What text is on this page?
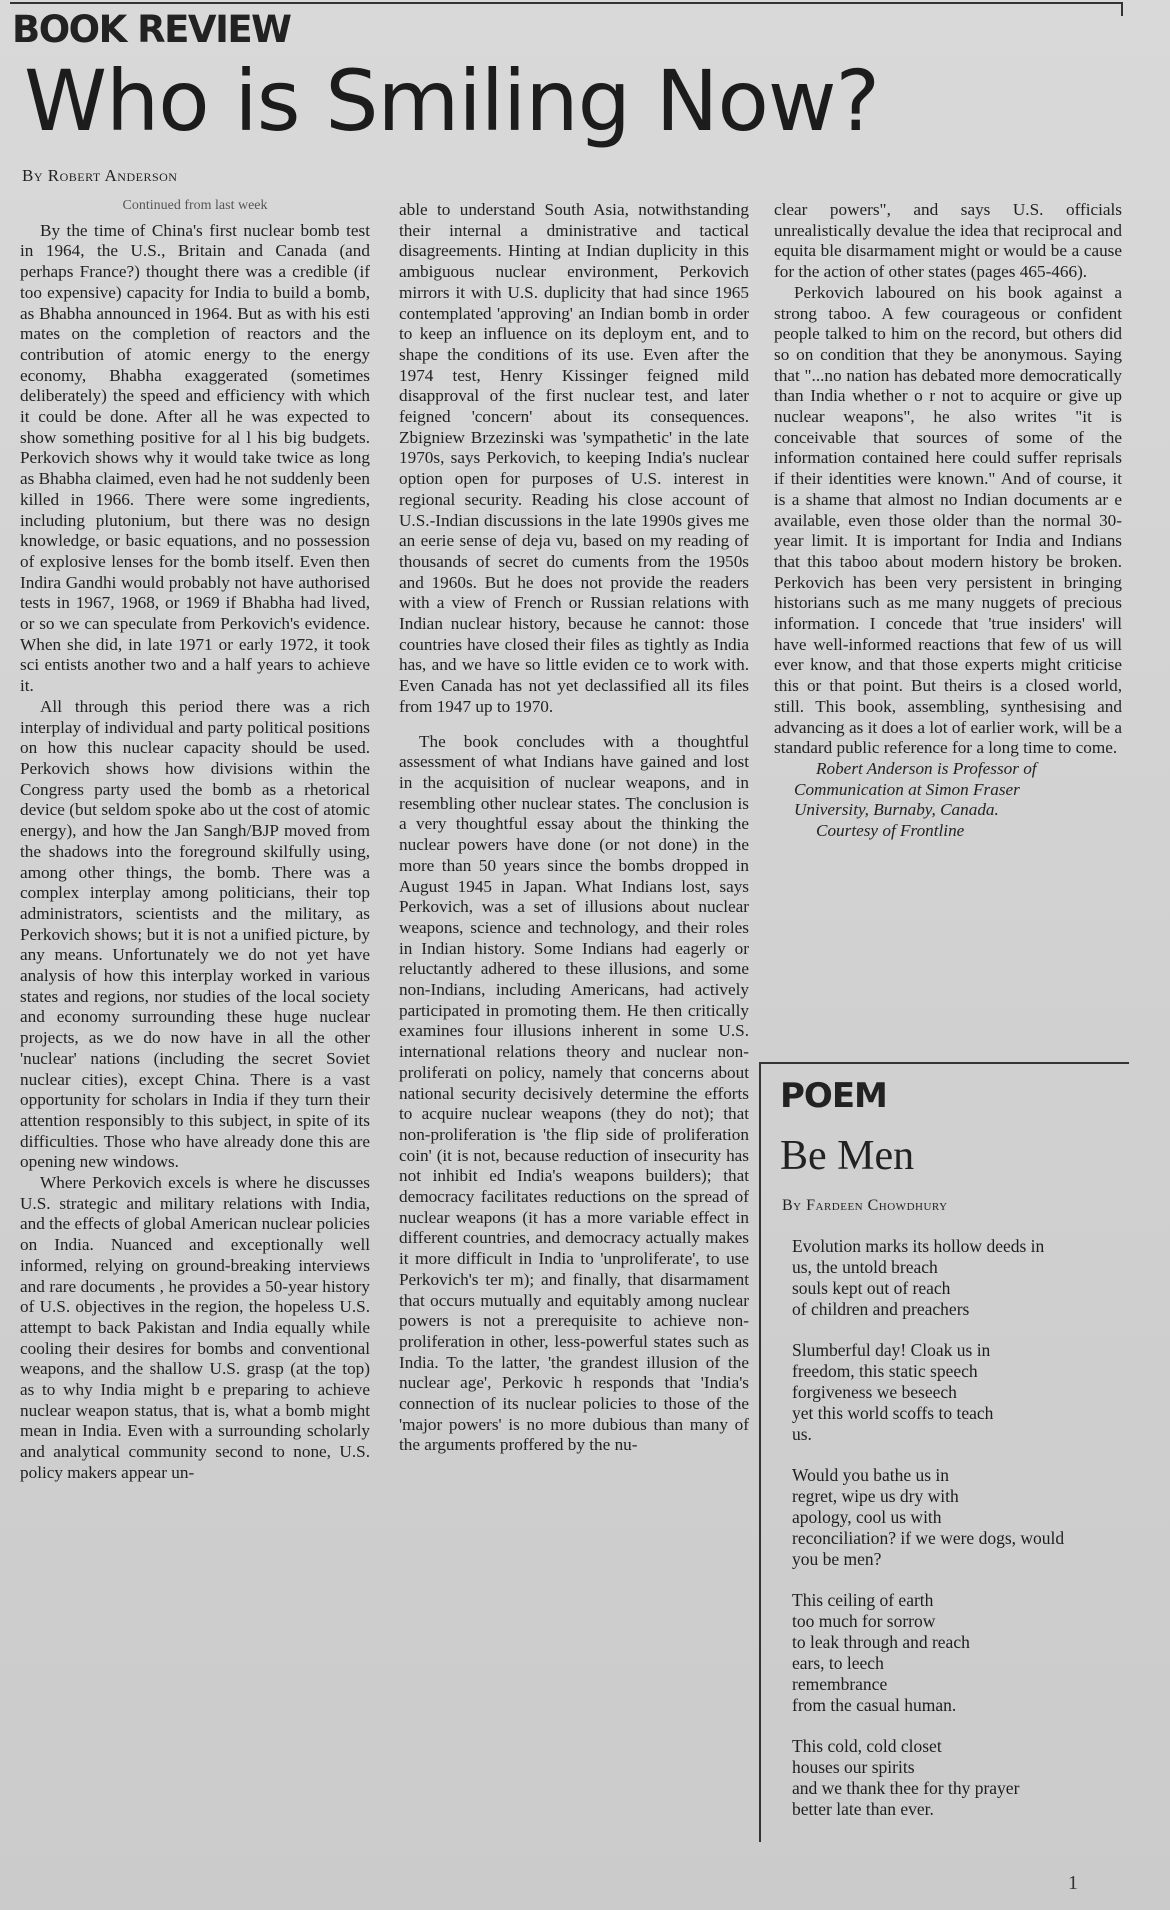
BOOK REVIEW
Who is Smiling Now?
By Robert Anderson
Continued from last week

By the time of China's first nuclear bomb test in 1964, the U.S., Britain and Canada (and perhaps France?) thought there was a credible (if too expensive) capacity for India to build a bomb, as Bhabha announced in 1964. But as with his esti mates on the completion of reactors and the contribution of atomic energy to the energy economy, Bhabha exaggerated (sometimes deliberately) the speed and efficiency with which it could be done. After all he was expected to show something positive for al l his big budgets. Perkovich shows why it would take twice as long as Bhabha claimed, even had he not suddenly been killed in 1966. There were some ingredients, including plutonium, but there was no design knowledge, or basic equations, and no possession of explosive lenses for the bomb itself. Even then Indira Gandhi would probably not have authorised tests in 1967, 1968, or 1969 if Bhabha had lived, or so we can speculate from Perkovich's evidence. When she did, in late 1971 or early 1972, it took sci entists another two and a half years to achieve it.

All through this period there was a rich interplay of individual and party political positions on how this nuclear capacity should be used. Perkovich shows how divisions within the Congress party used the bomb as a rhetorical device (but seldom spoke abo ut the cost of atomic energy), and how the Jan Sangh/BJP moved from the shadows into the foreground skilfully using, among other things, the bomb. There was a complex interplay among politicians, their top administrators, scientists and the military, as Perkovich shows; but it is not a unified picture, by any means. Unfortunately we do not yet have analysis of how this interplay worked in various states and regions, nor studies of the local society and economy surrounding these huge nuclear projects, as we do now have in all the other 'nuclear' nations (including the secret Soviet nuclear cities), except China. There is a vast opportunity for scholars in India if they turn their attention responsibly to this subject, in spite of its difficulties. Those who have already done this are opening new windows.

Where Perkovich excels is where he discusses U.S. strategic and military relations with India, and the effects of global American nuclear policies on India. Nuanced and exceptionally well informed, relying on ground-breaking interviews and rare documents , he provides a 50-year history of U.S. objectives in the region, the hopeless U.S. attempt to back Pakistan and India equally while cooling their desires for bombs and conventional weapons, and the shallow U.S. grasp (at the top) as to why India might b e preparing to achieve nuclear weapon status, that is, what a bomb might mean in India. Even with a surrounding scholarly and analytical community second to none, U.S. policy makers appear un-

able to understand South Asia, notwithstanding their internal a dministrative and tactical disagreements. Hinting at Indian duplicity in this ambiguous nuclear environment, Perkovich mirrors it with U.S. duplicity that had since 1965 contemplated 'approving' an Indian bomb in order to keep an influence on its deploym ent, and to shape the conditions of its use. Even after the 1974 test, Henry Kissinger feigned mild disapproval of the first nuclear test, and later feigned 'concern' about its consequences. Zbigniew Brzezinski was 'sympathetic' in the late 1970s, says Perkovich, to keeping India's nuclear option open for purposes of U.S. interest in regional security. Reading his close account of U.S.-Indian discussions in the late 1990s gives me an eerie sense of deja vu, based on my reading of thousands of secret do cuments from the 1950s and 1960s. But he does not provide the readers with a view of French or Russian relations with Indian nuclear history, because he cannot: those countries have closed their files as tightly as India has, and we have so little eviden ce to work with. Even Canada has not yet declassified all its files from 1947 up to 1970.

The book concludes with a thoughtful assessment of what Indians have gained and lost in the acquisition of nuclear weapons, and in resembling other nuclear states. The conclusion is a very thoughtful essay about the thinking the nuclear powers have done (or not done) in the more than 50 years since the bombs dropped in August 1945 in Japan. What Indians lost, says Perkovich, was a set of illusions about nuclear weapons, science and technology, and their roles in Indian history. Some Indians had eagerly or reluctantly adhered to these illusions, and some non-Indians, including Americans, had actively participated in promoting them. He then critically examines four illusions inherent in some U.S. international relations theory and nuclear non-proliferati on policy, namely that concerns about national security decisively determine the efforts to acquire nuclear weapons (they do not); that non-proliferation is 'the flip side of proliferation coin' (it is not, because reduction of insecurity has not inhibit ed India's weapons builders); that democracy facilitates reductions on the spread of nuclear weapons (it has a more variable effect in different countries, and democracy actually makes it more difficult in India to 'unproliferate', to use Perkovich's ter m); and finally, that disarmament that occurs mutually and equitably among nuclear powers is not a prerequisite to achieve non-proliferation in other, less-powerful states such as India. To the latter, 'the grandest illusion of the nuclear age', Perkovic h responds that 'India's connection of its nuclear policies to those of the 'major powers' is no more dubious than many of the arguments proffered by the nu-

clear powers", and says U.S. officials unrealistically devalue the idea that reciprocal and equita ble disarmament might or would be a cause for the action of other states (pages 465-466).

Perkovich laboured on his book against a strong taboo. A few courageous or confident people talked to him on the record, but others did so on condition that they be anonymous. Saying that "...no nation has debated more democratically than India whether o r not to acquire or give up nuclear weapons", he also writes "it is conceivable that sources of some of the information contained here could suffer reprisals if their identities were known." And of course, it is a shame that almost no Indian documents ar e available, even those older than the normal 30-year limit. It is important for India and Indians that this taboo about modern history be broken. Perkovich has been very persistent in bringing historians such as me many nuggets of precious information. I concede that 'true insiders' will have well-informed reactions that few of us will ever know, and that those experts might criticise this or that point. But theirs is a closed world, still. This book, assembling, synthesising and advancing as it does a lot of earlier work, will be a standard public reference for a long time to come.

Robert Anderson is Professor of

Communication at Simon Fraser

University, Burnaby, Canada.

Courtesy of Frontline

POEM
Be Men
By Fardeen Chowdhury
Evolution marks its hollow deeds in
us, the untold breach
souls kept out of reach
of children and preachers
Slumberful day! Cloak us in
freedom, this static speech
forgiveness we beseech
yet this world scoffs to teach
us.
Would you bathe us in
regret, wipe us dry with
apology, cool us with
reconciliation? if we were dogs, would
you be men?
This ceiling of earth
too much for sorrow
to leak through and reach
ears, to leech
remembrance
from the casual human.
This cold, cold closet
houses our spirits
and we thank thee for thy prayer
better late than ever.
1
